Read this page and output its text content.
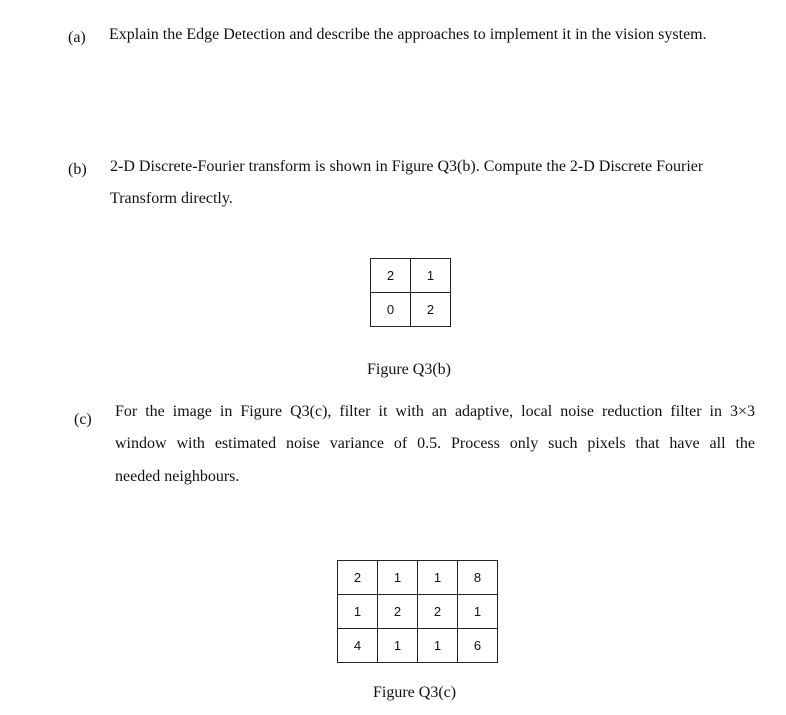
(a) Explain the Edge Detection and describe the approaches to implement it in the vision system.
(b) 2-D Discrete-Fourier transform is shown in Figure Q3(b). Compute the 2-D Discrete Fourier
Transform directly.
2	1
0	2
Figure Q3(b)
(c) For the image in Figure Q3(c), filter it with an adaptive, local noise reduction filter in 3×3
window with estimated noise variance of 0.5. Process only such pixels that have all the
needed neighbours.
2	1	1	8
1	2	2	1
4	1	1	6
Figure Q3(c)
